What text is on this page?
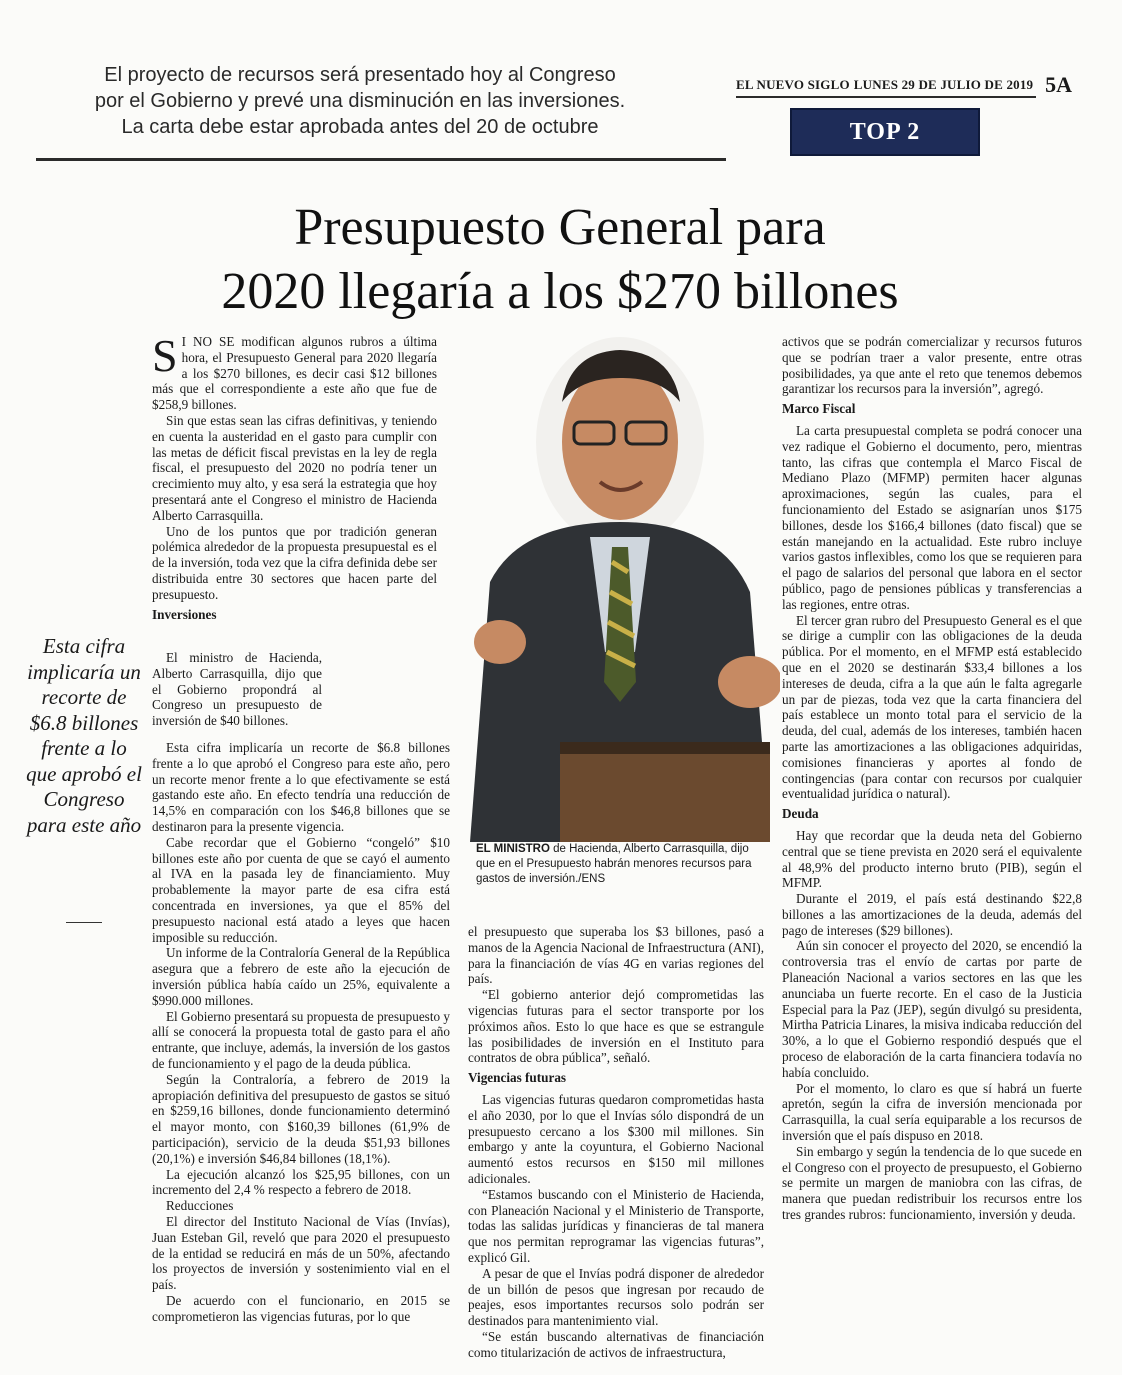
El proyecto de recursos será presentado hoy al Congreso
por el Gobierno y prevé una disminución en las inversiones.
La carta debe estar aprobada antes del 20 de octubre
EL NUEVO SIGLO LUNES 29 DE JULIO DE 2019 5A
TOP 2
Presupuesto General para
2020 llegaría a los $270 billones

S I NO SE modifican algunos rubros a última hora, el Presupuesto General para 2020 llegaría a los $270 billones, es decir casi $12 billones más que el correspondiente a este año que fue de $258,9 billones.

Sin que estas sean las cifras definitivas, y teniendo en cuenta la austeridad en el gasto para cumplir con las metas de déficit fiscal previstas en la ley de regla fiscal, el presupuesto del 2020 no podría tener un crecimiento muy alto, y esa será la estrategia que hoy presentará ante el Congreso el ministro de Hacienda Alberto Carrasquilla.

Uno de los puntos que por tradición generan polémica alrededor de la propuesta presupuestal es el de la inversión, toda vez que la cifra definida debe ser distribuida entre 30 sectores que hacen parte del presupuesto.

Inversiones

El ministro de Hacienda, Alberto Carrasquilla, dijo que el Gobierno propondrá al Congreso un presupuesto de inversión de $40 billones.

Esta cifra implicaría un recorte de $6.8 billones frente a lo que aprobó el Congreso para este año, pero un recorte menor frente a lo que efectivamente se está gastando este año. En efecto tendría una reducción de 14,5% en comparación con los $46,8 billones que se destinaron para la presente vigencia.

Cabe recordar que el Gobierno “congeló” $10 billones este año por cuenta de que se cayó el aumento al IVA en la pasada ley de financiamiento. Muy probablemente la mayor parte de esa cifra está concentrada en inversiones, ya que el 85% del presupuesto nacional está atado a leyes que hacen imposible su reducción.

Un informe de la Contraloría General de la República asegura que a febrero de este año la ejecución de inversión pública había caído un 25%, equivalente a $990.000 millones.

El Gobierno presentará su propuesta de presupuesto y allí se conocerá la propuesta total de gasto para el año entrante, que incluye, además, la inversión de los gastos de funcionamiento y el pago de la deuda pública.

Según la Contraloría, a febrero de 2019 la apropiación definitiva del presupuesto de gastos se situó en $259,16 billones, donde funcionamiento determinó el mayor monto, con $160,39 billones (61,9% de participación), servicio de la deuda $51,93 billones (20,1%) e inversión $46,84 billones (18,1%).

La ejecución alcanzó los $25,95 billones, con un incremento del 2,4 % respecto a febrero de 2018.

Reducciones

El director del Instituto Nacional de Vías (Invías), Juan Esteban Gil, reveló que para 2020 el presupuesto de la entidad se reducirá en más de un 50%, afectando los proyectos de inversión y sostenimiento vial en el país.

De acuerdo con el funcionario, en 2015 se comprometieron las vigencias futuras, por lo que

EL MINISTRO de Hacienda, Alberto Carrasquilla, dijo que en el Presupuesto habrán menores recursos para gastos de inversión./ENS

el presupuesto que superaba los $3 billones, pasó a manos de la Agencia Nacional de Infraestructura (ANI), para la financiación de vías 4G en varias regiones del país.

“El gobierno anterior dejó comprometidas las vigencias futuras para el sector transporte por los próximos años. Esto lo que hace es que se estrangule las posibilidades de inversión en el Instituto para contratos de obra pública”, señaló.

Vigencias futuras

Las vigencias futuras quedaron comprometidas hasta el año 2030, por lo que el Invías sólo dispondrá de un presupuesto cercano a los $300 mil millones. Sin embargo y ante la coyuntura, el Gobierno Nacional aumentó estos recursos en $150 mil millones adicionales.

“Estamos buscando con el Ministerio de Hacienda, con Planeación Nacional y el Ministerio de Transporte, todas las salidas jurídicas y financieras de tal manera que nos permitan reprogramar las vigencias futuras”, explicó Gil.

A pesar de que el Invías podrá disponer de alrededor de un billón de pesos que ingresan por recaudo de peajes, esos importantes recursos solo podrán ser destinados para mantenimiento vial.

“Se están buscando alternativas de financiación como titularización de activos de infraestructura,

activos que se podrán comercializar y recursos futuros que se podrían traer a valor presente, entre otras posibilidades, ya que ante el reto que tenemos debemos garantizar los recursos para la inversión”, agregó.

Marco Fiscal

La carta presupuestal completa se podrá conocer una vez radique el Gobierno el documento, pero, mientras tanto, las cifras que contempla el Marco Fiscal de Mediano Plazo (MFMP) permiten hacer algunas aproximaciones, según las cuales, para el funcionamiento del Estado se asignarían unos $175 billones, desde los $166,4 billones (dato fiscal) que se están manejando en la actualidad. Este rubro incluye varios gastos inflexibles, como los que se requieren para el pago de salarios del personal que labora en el sector público, pago de pensiones públicas y transferencias a las regiones, entre otras.

El tercer gran rubro del Presupuesto General es el que se dirige a cumplir con las obligaciones de la deuda pública. Por el momento, en el MFMP está establecido que en el 2020 se destinarán $33,4 billones a los intereses de deuda, cifra a la que aún le falta agregarle un par de piezas, toda vez que la carta financiera del país establece un monto total para el servicio de la deuda, del cual, además de los intereses, también hacen parte las amortizaciones a las obligaciones adquiridas, comisiones financieras y aportes al fondo de contingencias (para contar con recursos por cualquier eventualidad jurídica o natural).

Deuda

Hay que recordar que la deuda neta del Gobierno central que se tiene prevista en 2020 será el equivalente al 48,9% del producto interno bruto (PIB), según el MFMP.

Durante el 2019, el país está destinando $22,8 billones a las amortizaciones de la deuda, además del pago de intereses ($29 billones).

Aún sin conocer el proyecto del 2020, se encendió la controversia tras el envío de cartas por parte de Planeación Nacional a varios sectores en las que les anunciaba un fuerte recorte. En el caso de la Justicia Especial para la Paz (JEP), según divulgó su presidenta, Mirtha Patricia Linares, la misiva indicaba reducción del 30%, a lo que el Gobierno respondió después que el proceso de elaboración de la carta financiera todavía no había concluido.

Por el momento, lo claro es que sí habrá un fuerte apretón, según la cifra de inversión mencionada por Carrasquilla, la cual sería equiparable a los recursos de inversión que el país dispuso en 2018.

Sin embargo y según la tendencia de lo que sucede en el Congreso con el proyecto de presupuesto, el Gobierno se permite un margen de maniobra con las cifras, de manera que puedan redistribuir los recursos entre los tres grandes rubros: funcionamiento, inversión y deuda.

Esta cifra implicaría un recorte de $6.8 billones frente a lo que aprobó el Congreso para este año
